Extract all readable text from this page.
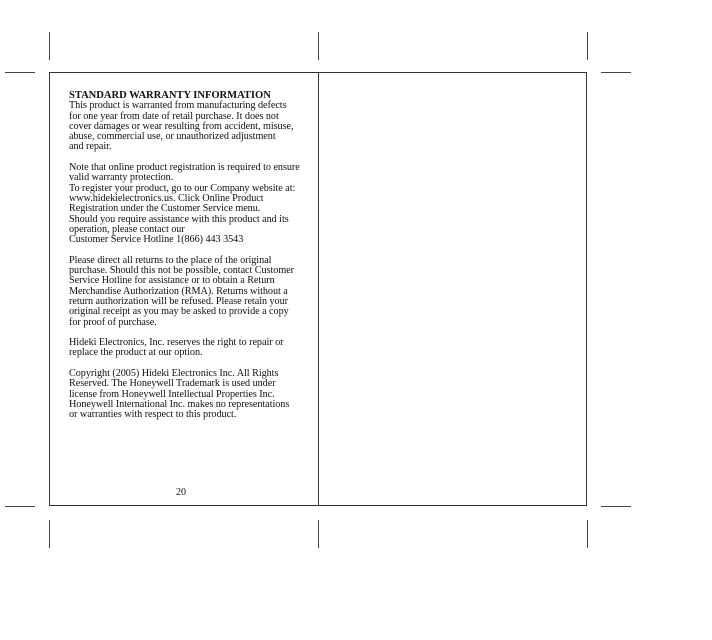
STANDARD WARRANTY INFORMATION

This product is warranted from manufacturing defects
for one year from date of retail purchase. It does not
cover damages or wear resulting from accident, misuse,
abuse, commercial use, or unauthorized adjustment
and repair.

Note that online product registration is required to ensure
valid warranty protection.
To register your product, go to our Company website at:
www.hidekielectronics.us. Click Online Product
Registration under the Customer Service menu.
Should you require assistance with this product and its
operation, please contact our
Customer Service Hotline 1(866) 443 3543

Please direct all returns to the place of the original
purchase. Should this not be possible, contact Customer
Service Hotline for assistance or to obtain a Return
Merchandise Authorization (RMA). Returns without a
return authorization will be refused. Please retain your
original receipt as you may be asked to provide a copy
for proof of purchase.

Hideki Electronics, Inc. reserves the right to repair or
replace the product at our option.

Copyright (2005) Hideki Electronics Inc. All Rights
Reserved. The Honeywell Trademark is used under
license from Honeywell Intellectual Properties Inc.
Honeywell International Inc. makes no representations
or warranties with respect to this product.

20
